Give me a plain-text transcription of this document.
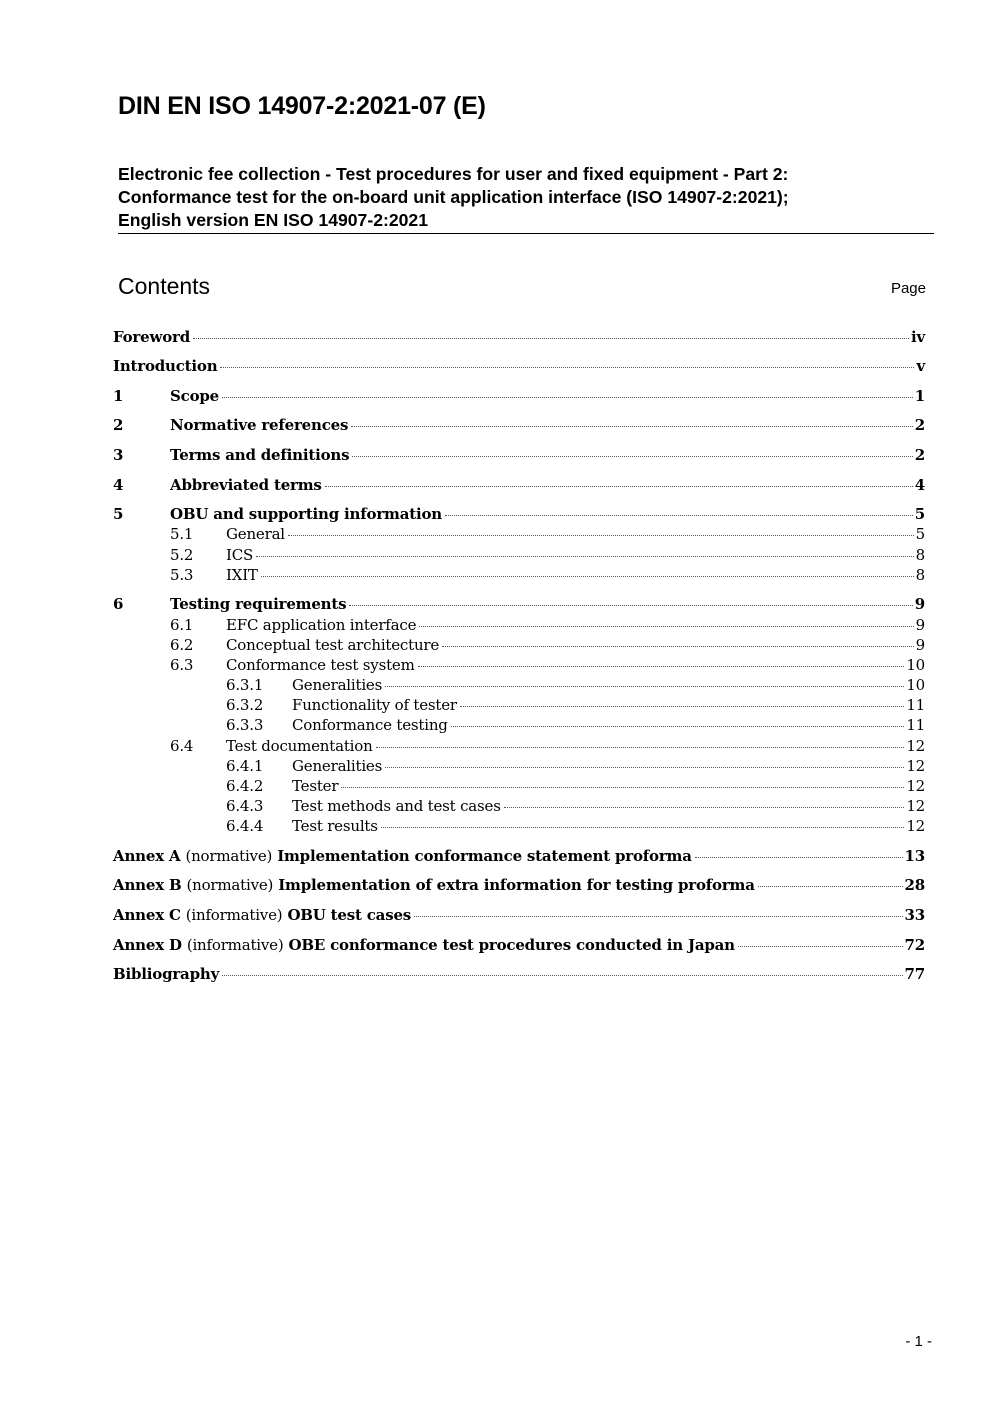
DIN EN ISO 14907-2:2021-07 (E)
Electronic fee collection - Test procedures for user and fixed equipment - Part 2:
Conformance test for the on-board unit application interface (ISO 14907-2:2021);
English version EN ISO 14907-2:2021
Contents	Page
Foreword	iv
Introduction	v
1	Scope	1
2	Normative references	2
3	Terms and definitions	2
4	Abbreviated terms	4
5	OBU and supporting information	5
5.1	General	5
5.2	ICS	8
5.3	IXIT	8
6	Testing requirements	9
6.1	EFC application interface	9
6.2	Conceptual test architecture	9
6.3	Conformance test system	10
6.3.1	Generalities	10
6.3.2	Functionality of tester	11
6.3.3	Conformance testing	11
6.4	Test documentation	12
6.4.1	Generalities	12
6.4.2	Tester	12
6.4.3	Test methods and test cases	12
6.4.4	Test results	12
Annex A (normative) Implementation conformance statement proforma	13
Annex B (normative) Implementation of extra information for testing proforma	28
Annex C (informative) OBU test cases	33
Annex D (informative) OBE conformance test procedures conducted in Japan	72
Bibliography	77
- 1 -
